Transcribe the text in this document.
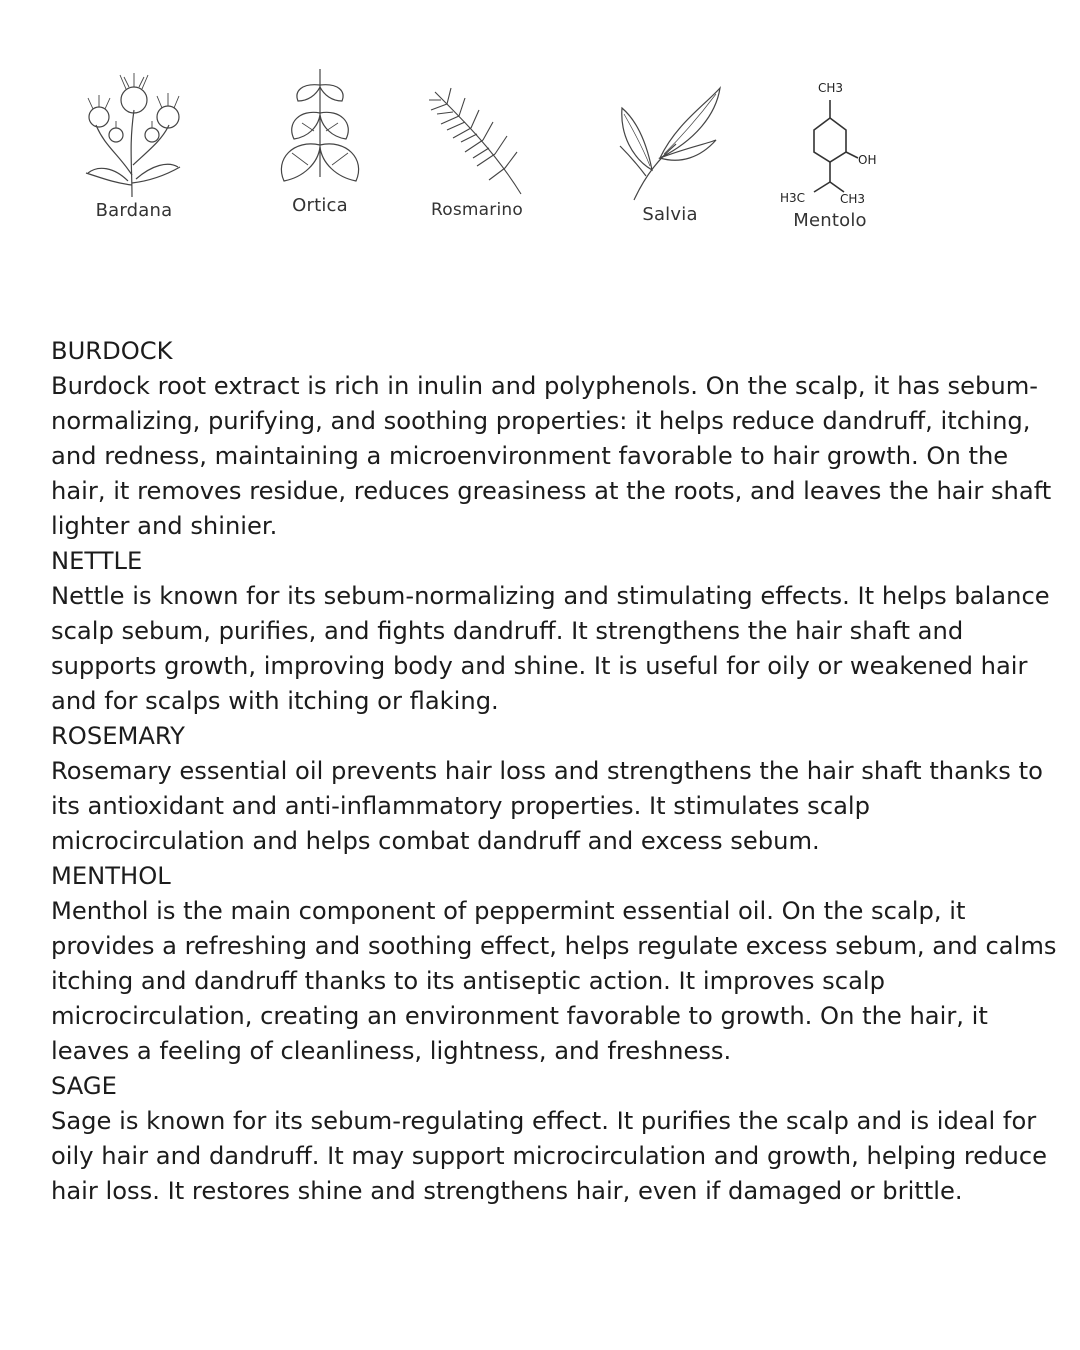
Bardana	Ortica	Rosmarino	Salvia
CH3
OH
H3C	CH3
Mentolo
BURDOCK

Burdock root extract is rich in inulin and polyphenols. On the scalp, it has sebum-normalizing, purifying, and soothing properties: it helps reduce dandruff, itching, and redness, maintaining a microenvironment favorable to hair growth. On the hair, it removes residue, reduces greasiness at the roots, and leaves the hair shaft lighter and shinier.

NETTLE

Nettle is known for its sebum-normalizing and stimulating effects. It helps balance scalp sebum, purifies, and fights dandruff. It strengthens the hair shaft and supports growth, improving body and shine. It is useful for oily or weakened hair and for scalps with itching or flaking.

ROSEMARY

Rosemary essential oil prevents hair loss and strengthens the hair shaft thanks to its antioxidant and anti-inflammatory properties. It stimulates scalp microcirculation and helps combat dandruff and excess sebum.

MENTHOL

Menthol is the main component of peppermint essential oil. On the scalp, it provides a refreshing and soothing effect, helps regulate excess sebum, and calms itching and dandruff thanks to its antiseptic action. It improves scalp microcirculation, creating an environment favorable to growth. On the hair, it leaves a feeling of cleanliness, lightness, and freshness.

SAGE

Sage is known for its sebum-regulating effect. It purifies the scalp and is ideal for oily hair and dandruff. It may support microcirculation and growth, helping reduce hair loss. It restores shine and strengthens hair, even if damaged or brittle.
